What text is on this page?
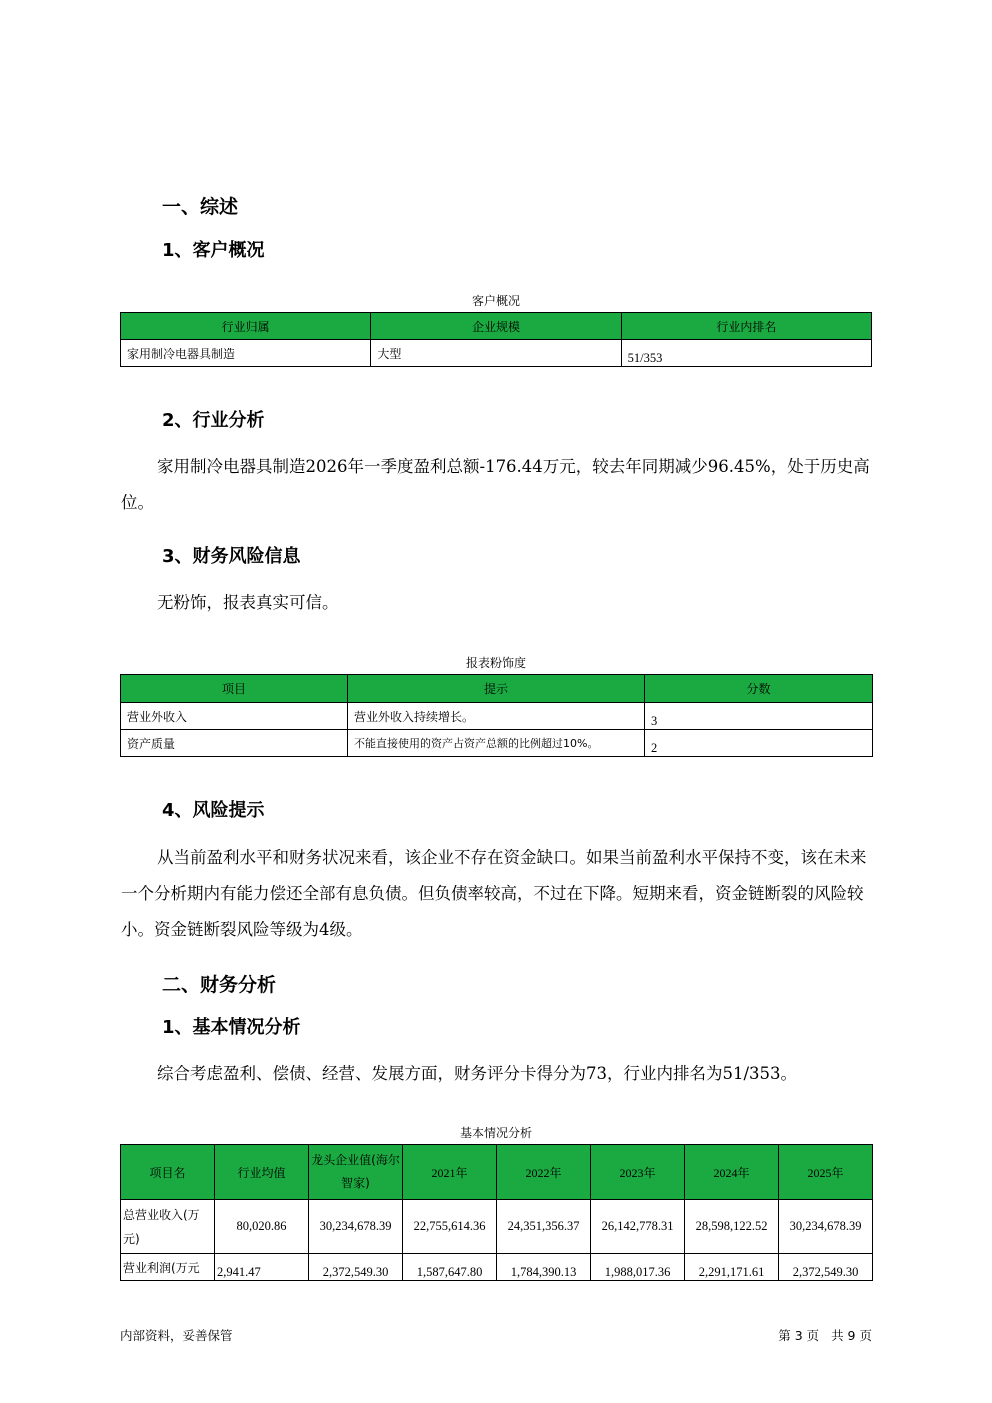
一、综述
1、客户概况
客户概况
行业归属	企业规模	行业内排名
家用制冷电器具制造	大型	51/353
2、行业分析
家用制冷电器具制造2026年一季度盈利总额-176.44万元，较去年同期减少96.45%，处于历史高位。
3、财务风险信息
无粉饰，报表真实可信。
报表粉饰度
项目	提示	分数
营业外收入	营业外收入持续增长。	3
资产质量	不能直接使用的资产占资产总额的比例超过10%。	2
4、风险提示
从当前盈利水平和财务状况来看，该企业不存在资金缺口。如果当前盈利水平保持不变，该在未来一个分析期内有能力偿还全部有息负债。但负债率较高，不过在下降。短期来看，资金链断裂的风险较小。资金链断裂风险等级为4级。
二、财务分析
1、基本情况分析
综合考虑盈利、偿债、经营、发展方面，财务评分卡得分为73，行业内排名为51/353。
基本情况分析
项目名	行业均值	龙头企业值(海尔智家)	2021年	2022年	2023年	2024年	2025年
总营业收入(万元)	80,020.86	30,234,678.39	22,755,614.36	24,351,356.37	26,142,778.31	28,598,122.52	30,234,678.39
营业利润(万元	2,941.47	2,372,549.30	1,587,647.80	1,784,390.13	1,988,017.36	2,291,171.61	2,372,549.30
内部资料，妥善保管	第 3 页   共 9 页
